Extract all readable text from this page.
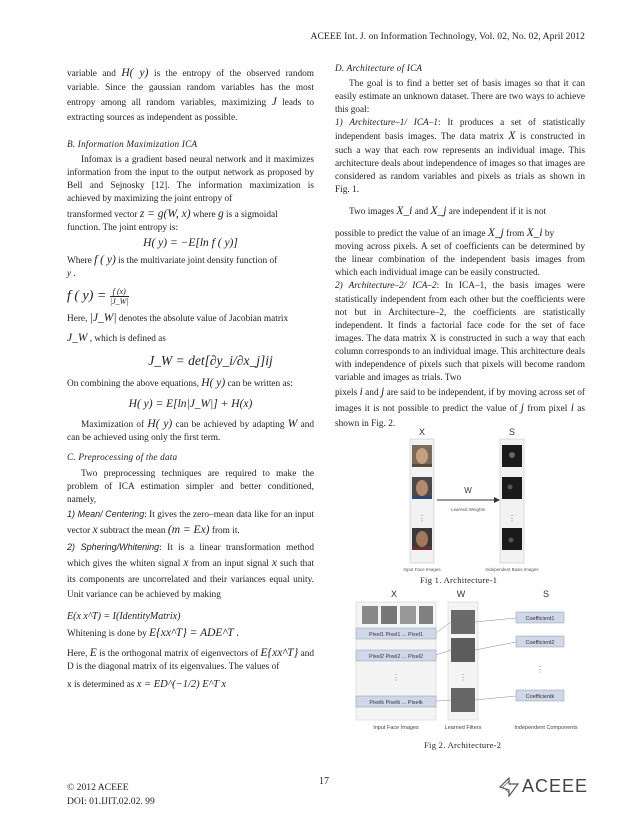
ACEEE Int. J. on Information Technology, Vol. 02, No. 02, April 2012

variable and H( y) is the entropy of the observed random variable. Since the gaussian random variables has the most entropy among all random variables, maximizing J leads to extracting sources as independent as possible.

B. Information Maximization ICA

Infomax is a gradient based neural network and it maximizes information from the input to the output network as proposed by Bell and Sejnosky [12]. The information maximization is achieved by maximizing the joint entropy of

transformed vector z = g(W, x) where g is a sigmoidal

function. The joint entropy is:

H( y) = −E[ln f ( y)]

Where f ( y) is the multivariate joint density function of

y .

f ( $y) = \frac{f (x)}{|J\_W|}$

Here, |J_W| denotes the absolute value of Jacobian matrix

J_W , which is defined as

J_W = det[∂y_i/∂x_j]ij

On combining the above equations, H( y) can be written as:

H( y) = E[ln|J_W|] + H(x)

Maximization of H( y) can be achieved by adapting W and can be achieved using only the first term.

C. Preprocessing of the data

Two preprocessing techniques are required to make the problem of ICA estimation simpler and better conditioned, namely,

1) Mean/ Centering: It gives the zero–mean data like for an input vector x subtract the mean (m = Ex) from it.

2) Sphering/Whitening: It is a linear transformation method which gives the whiten signal x from an input signal x such that its components are uncorrelated and their variances equal unity. Unit variance can be achieved by making

E(x x^T) = I(IdentityMatrix)

Whitening is done by E{xx^T} = ADE^T .

Here, E is the orthogonal matrix of eigenvectors of E{xx^T} and D is the diagonal matrix of its eigenvalues. The values of

x is determined as x = ED^(−1/2) E^T x

D. Architecture of ICA

The goal is to find a better set of basis images so that it can easily estimate an unknown dataset. There are two ways to achieve this goal:

1) Architecture–1/ ICA–1: It produces a set of statistically independent basis images. The data matrix X is constructed in such a way that each row represents an individual image. This architecture deals about independence of images so that images are considered as random variables and pixels as trials as shown in Fig. 1.

Two images X_i and X_j are independent if it is not

possible to predict the value of an image X_j from X_i by

moving across pixels. A set of coefficients can be determined by the linear combination of the independent basis images from which each individual image can be easily constructed.

2) Architecture–2/ ICA–2: In ICA–1, the basis images were statistically independent from each other but the coefficients were not but in Architecture–2, the coefficients are statistically independent. It finds a factorial face code for the set of face images. The data matrix X is constructed in such a way that each column corresponds to an individual image. This architecture deals with independence of pixels such that pixels will become random variable and images as trials. Two

pixels i and j are said to be independent, if by moving across set of images it is not possible to predict the value of j from pixel i as shown in Fig. 2.

X	S
W
⋮	⋮
Learned Weights
Input Face Images	Independent Basis Images
Fig 1. Architecture-1
X	W	S
Pixel1 Pixel1 ... Pixel1
Pixel2 Pixel2 ... Pixel2
⋮
Pixelk Pixelk ... Pixelk
⋮
Coefficient1
Coefficient2
⋮
Coefficientk
Input Face Images	Learned Filters	Independent Components
Fig 2. Architecture-2
17
© 2012 ACEEE
DOI: 01.IJIT.02.02. 99
ACEEE
